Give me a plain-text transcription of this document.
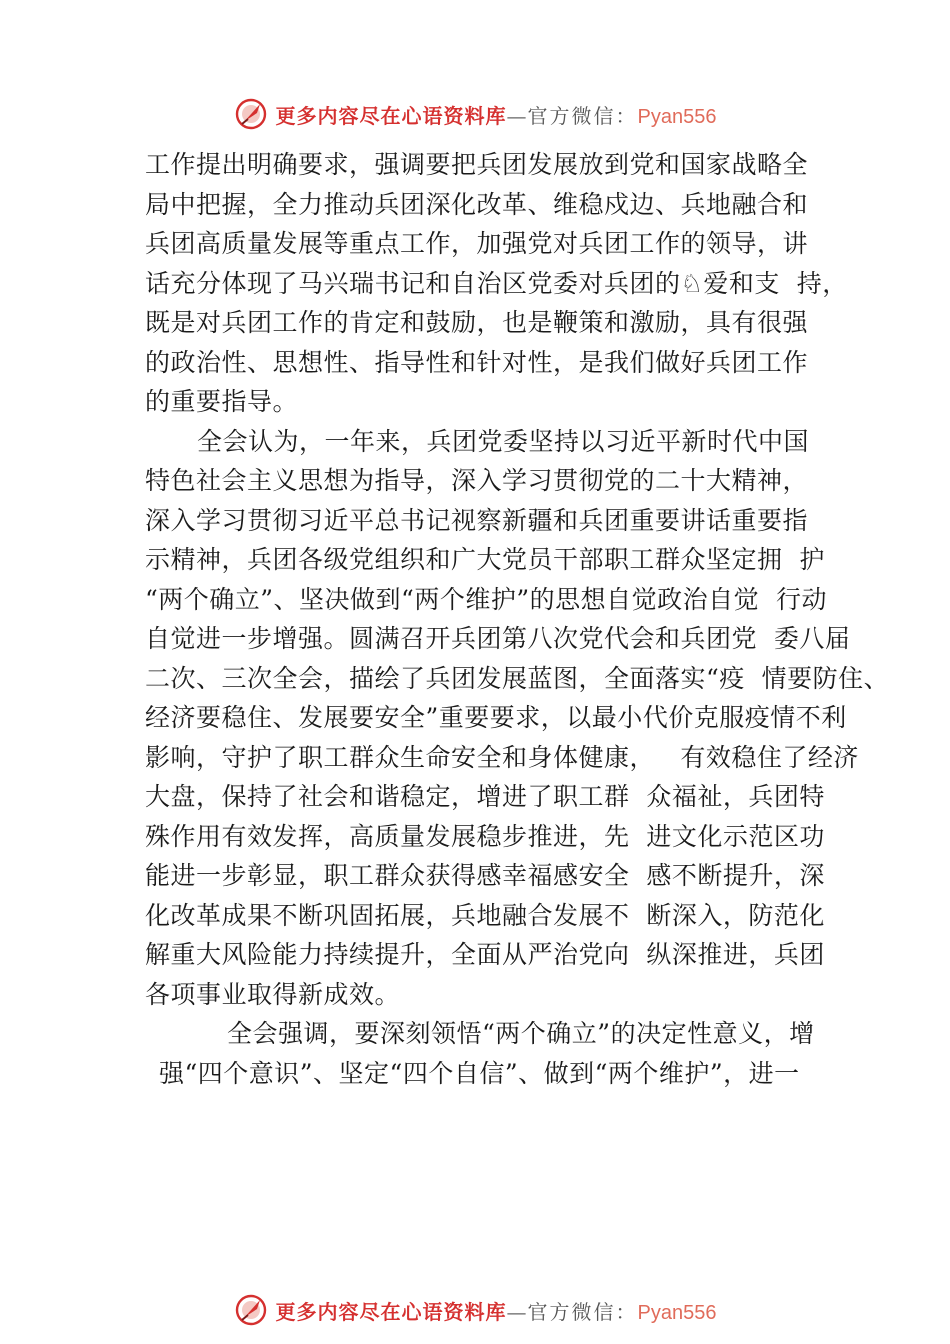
更多内容尽在心语资料库—官方微信：Pyan556
工作提出明确要求，强调要把兵团发展放到党和国家战略全
局中把握，全力推动兵团深化改革、维稳戍边、兵地融合和
兵团高质量发展等重点工作，加强党对兵团工作的领导，讲
话充分体现了马兴瑞书记和自治区党委对兵团的♘爱和支  持，
既是对兵团工作的肯定和鼓励，也是鞭策和激励，具有很强
的政治性、思想性、指导性和针对性，是我们做好兵团工作
的重要指导。
全会认为，一年来，兵团党委坚持以习近平新时代中国
特色社会主义思想为指导，深入学习贯彻党的二十大精神，
深入学习贯彻习近平总书记视察新疆和兵团重要讲话重要指
示精神，兵团各级党组织和广大党员干部职工群众坚定拥  护
“两个确立”、坚决做到“两个维护”的思想自觉政治自觉  行动
自觉进一步增强。圆满召开兵团第八次党代会和兵团党  委八届
二次、三次全会，描绘了兵团发展蓝图，全面落实“疫  情要防住、
经济要稳住、发展要安全”重要要求，以最小代价克服疫情不利
影响，守护了职工群众生命安全和身体健康，   有效稳住了经济
大盘，保持了社会和谐稳定，增进了职工群  众福祉，兵团特
殊作用有效发挥，高质量发展稳步推进，先  进文化示范区功
能进一步彰显，职工群众获得感幸福感安全  感不断提升，深
化改革成果不断巩固拓展，兵地融合发展不  断深入，防范化
解重大风险能力持续提升，全面从严治党向  纵深推进，兵团
各项事业取得新成效。
全会强调，要深刻领悟“两个确立”的决定性意义，增
强“四个意识”、坚定“四个自信”、做到“两个维护”，进一
更多内容尽在心语资料库—官方微信：Pyan556
